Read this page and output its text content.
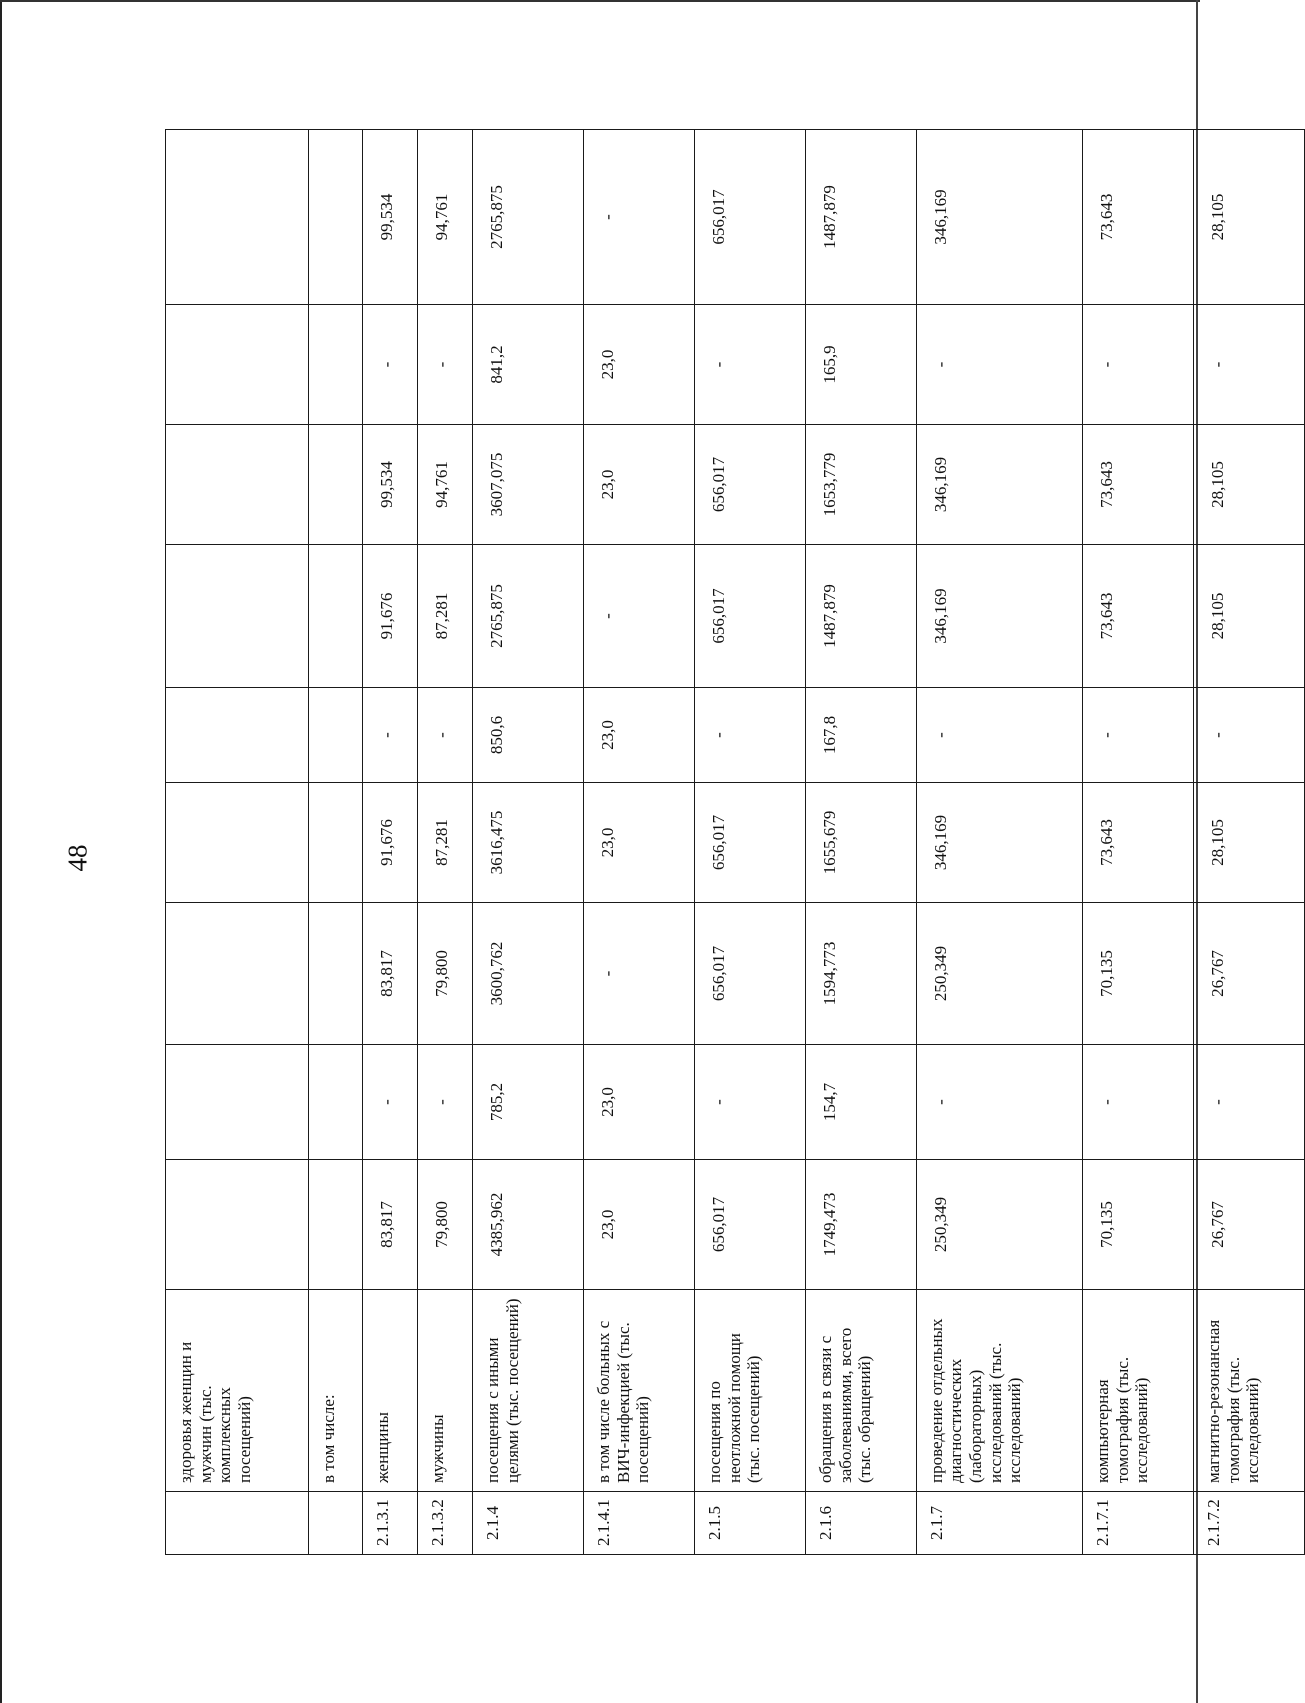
48
	здоровья женщин и мужчин (тыс. комплексных посещений)									
	в том числе:									
2.1.3.1	женщины	83,817	-	83,817	91,676	-	91,676	99,534	-	99,534
2.1.3.2	мужчины	79,800	-	79,800	87,281	-	87,281	94,761	-	94,761
2.1.4	посещения с иными целями (тыс. посещений)	4385,962	785,2	3600,762	3616,475	850,6	2765,875	3607,075	841,2	2765,875
2.1.4.1	в том числе больных с ВИЧ-инфекцией (тыс. посещений)	23,0	23,0	-	23,0	23,0	-	23,0	23,0	-
2.1.5	посещения по неотложной помощи (тыс. посещений)	656,017	-	656,017	656,017	-	656,017	656,017	-	656,017
2.1.6	обращения в связи с заболеваниями, всего (тыс. обращений)	1749,473	154,7	1594,773	1655,679	167,8	1487,879	1653,779	165,9	1487,879
2.1.7	проведение отдельных диагностических (лабораторных) исследований (тыс. исследований)	250,349	-	250,349	346,169	-	346,169	346,169	-	346,169
2.1.7.1	компьютерная томография (тыс. исследований)	70,135	-	70,135	73,643	-	73,643	73,643	-	73,643
2.1.7.2	магнитно-резонансная томография (тыс. исследований)	26,767	-	26,767	28,105	-	28,105	28,105	-	28,105
